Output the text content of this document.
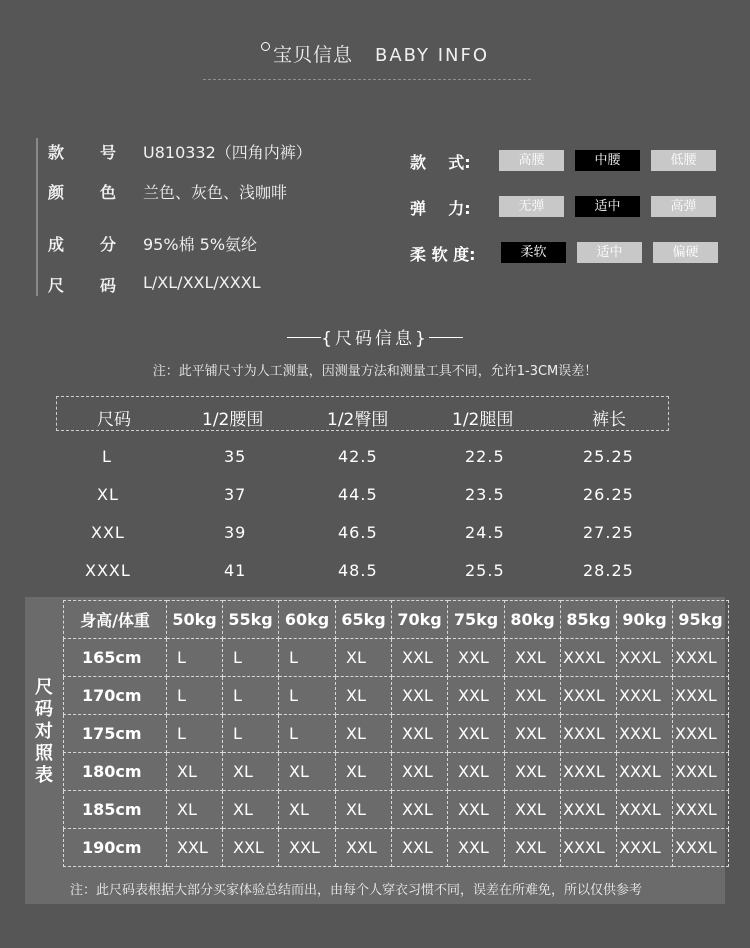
宝贝信息 BABY INFO
款 号 U810332（四角内裤）
颜 色 兰色、灰色、浅咖啡
成 分 95%棉 5%氨纶
尺 码 L/XL/XXL/XXXL
款    式:	高腰	中腰	低腰
弹    力:	无弹	适中	高弹
柔 软 度:	柔软	适中	偏硬
{尺码信息}
注：此平铺尺寸为人工测量，因测量方法和测量工具不同，允许1-3CM误差！
尺码	1/2腰围	1/2臀围	1/2腿围	裤长
L	35	42.5	22.5	25.25
XL	37	44.5	23.5	26.25
XXL	39	46.5	24.5	27.25
XXXL	41	48.5	25.5	28.25
尺
码
对
照
表
身高/体重	50kg	55kg	60kg	65kg	70kg	75kg	80kg	85kg	90kg	95kg
165cm	L	L	L	XL	XXL	XXL	XXL	XXXL	XXXL	XXXL
170cm	L	L	L	XL	XXL	XXL	XXL	XXXL	XXXL	XXXL
175cm	L	L	L	XL	XXL	XXL	XXL	XXXL	XXXL	XXXL
180cm	XL	XL	XL	XL	XXL	XXL	XXL	XXXL	XXXL	XXXL
185cm	XL	XL	XL	XL	XXL	XXL	XXL	XXXL	XXXL	XXXL
190cm	XXL	XXL	XXL	XXL	XXL	XXL	XXL	XXXL	XXXL	XXXL
注：此尺码表根据大部分买家体验总结而出，由每个人穿衣习惯不同，误差在所难免，所以仅供参考
